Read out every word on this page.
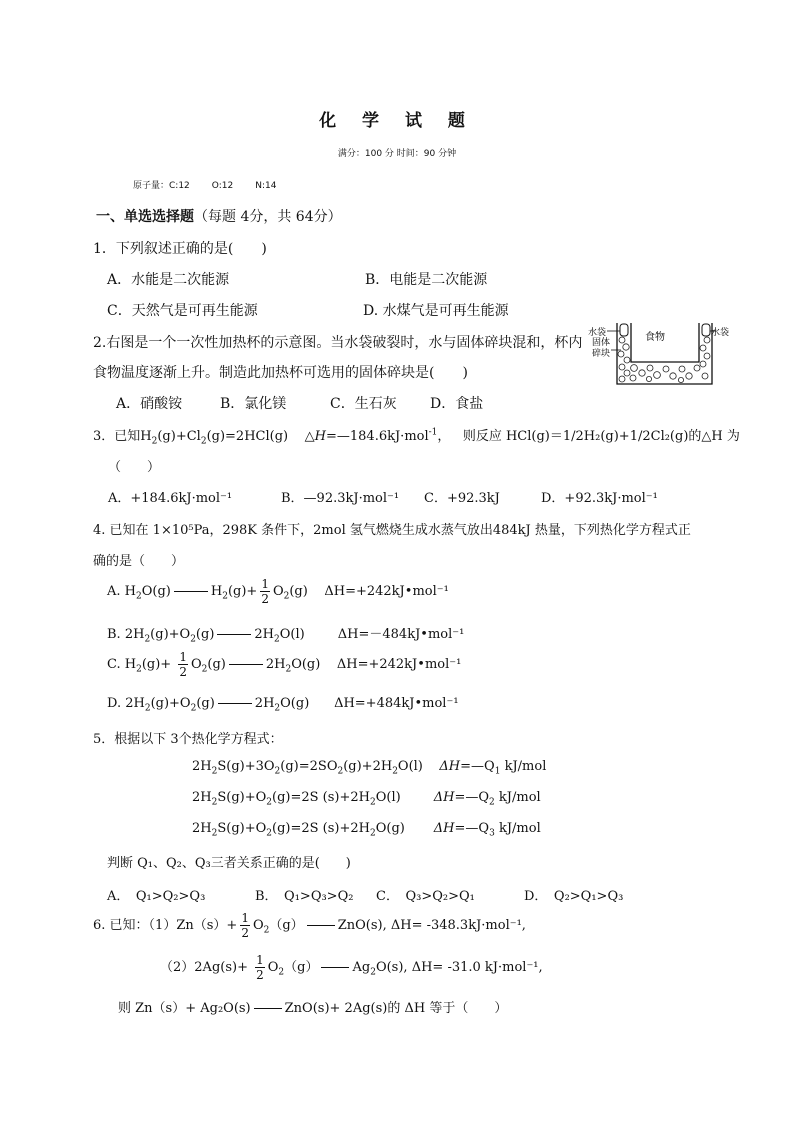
化 学 试 题
满分：100 分 时间：90 分钟
原子量：C:12 O:12 N:14
一、单选选择题（每题 4分，共 64分）
1．下列叙述正确的是(　　)
A．水能是二次能源	B．电能是二次能源
C．天然气是可再生能源	D. 水煤气是可再生能源
水袋	水袋
食物
固体
碎块
2.右图是一个一次性加热杯的示意图。当水袋破裂时，水与固体碎块混和，杯内
食物温度逐渐上升。制造此加热杯可选用的固体碎块是(　　)
A．硝酸铵	B．氯化镁	C．生石灰 D．食盐
3．已知$H_2(g)+Cl_2(g)=2HCl(g)$    △H=—184.6kJ·mol$^{-1}$，   则反应 HCl(g)＝1/2H₂(g)+1/2Cl₂(g)的△H 为
（　　）
A．+184.6kJ·mol⁻¹	B．—92.3kJ·mol⁻¹ C．+92.3kJ	D．+92.3kJ·mol⁻¹
4. 已知在 1×10⁵Pa，298K 条件下，2mol 氢气燃烧生成水蒸气放出484kJ 热量，下列热化学方程式正
确的是（　　）
A. $H_2O(g)$	$H_2(g)+ \frac{1}{2} O_2(g)$    ΔH=+242kJ•mol⁻¹
B. $2H_2(g)+O_2(g)$	$2H_2O(l)$        ΔH=－484kJ•mol⁻¹
C. $H_2(g)+ \frac{1}{2} O_2(g)$	$2H_2O(g)$    ΔH=+242kJ•mol⁻¹
D. $2H_2(g)+O_2(g)$	$2H_2O(g)$      ΔH=+484kJ•mol⁻¹
5．根据以下 3个热化学方程式：
$2H_2S(g)+3O_2(g)=2SO_2(g)+2H_2O(l)$    $\Delta H=—Q_1$ kJ/mol
$2H_2S(g)+O_2(g)=2S$ $(s)+2H_2O(l)$        $\Delta H=—Q_2$ kJ/mol
$2H_2S(g)+O_2(g)=2S$ $(s)+2H_2O(g)$       $\Delta H=—Q_3$ kJ/mol
判断 Q₁、Q₂、Q₃三者关系正确的是(　　)
A．　Q₁>Q₂>Q₃	B．　Q₁>Q₃>Q₂ C．　Q₃>Q₂>Q₁	D．　Q₂>Q₁>Q₃
6. 已知：$(1)Zn(s)+ \frac{1}{2} O_2(g)$	ZnO(s), ΔH= -348.3kJ·mol⁻¹,
$(2)2Ag(s)+ \frac{1}{2} O_2(g)$	$Ag_2O(s)$, ΔH= -31.0 kJ·mol⁻¹,
则 Zn（s）+ Ag₂O(s)	ZnO(s)+ 2Ag(s)的 ΔH 等于（　　）
